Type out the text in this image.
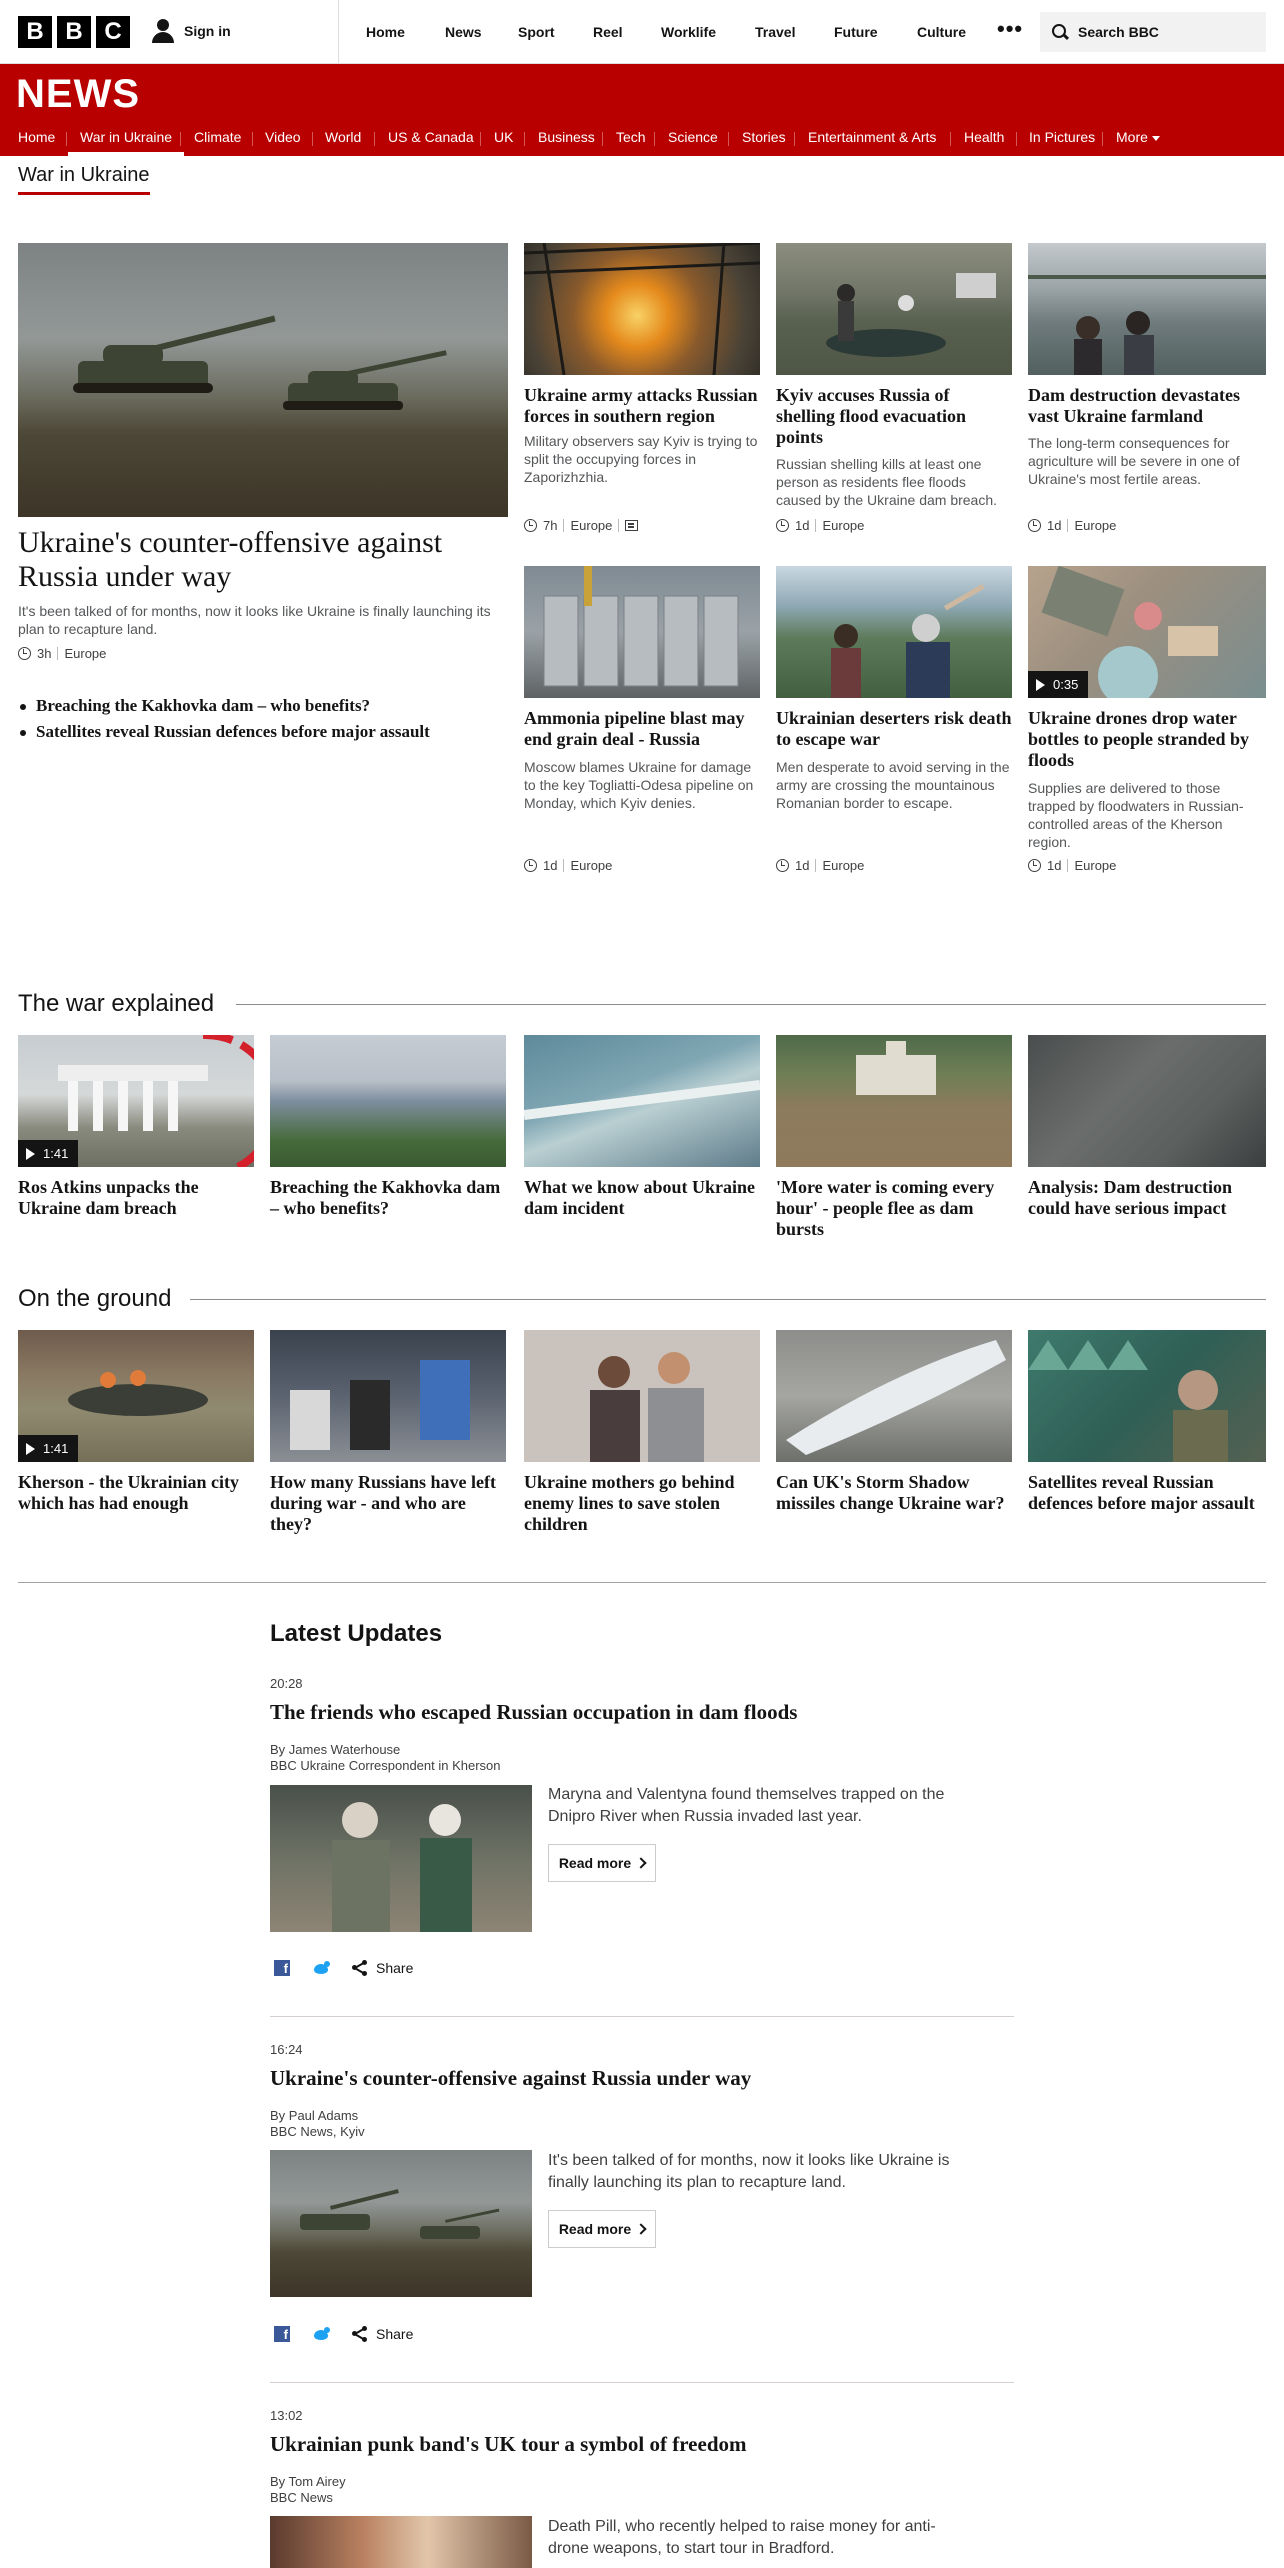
B B C	Sign in	Home	News	Sport	Reel	Worklife	Travel	Future	Culture •••	Search BBC
NEWS
Home War in Ukraine Climate Video World US & Canada UK Business Tech Science Stories Entertainment & Arts Health In Pictures More
War in Ukraine
Ukraine's counter-offensive against Russia under way
It's been talked of for months, now it looks like Ukraine is finally launching its plan to recapture land.
3h Europe
Breaching the Kakhovka dam – who benefits?
Satellites reveal Russian defences before major assault
Ukraine army attacks Russian forces in southern region
Military observers say Kyiv is trying to split the occupying forces in Zaporizhzhia.
7h Europe
Kyiv accuses Russia of shelling flood evacuation points
Russian shelling kills at least one person as residents flee floods caused by the Ukraine dam breach.
1d Europe
Dam destruction devastates vast Ukraine farmland
The long-term consequences for agriculture will be severe in one of Ukraine's most fertile areas.
1d Europe
Ammonia pipeline blast may end grain deal - Russia
Moscow blames Ukraine for damage to the key Togliatti-Odesa pipeline on Monday, which Kyiv denies.
1d Europe
Ukrainian deserters risk death to escape war
Men desperate to avoid serving in the army are crossing the mountainous Romanian border to escape.
1d Europe
0:35
Ukraine drones drop water bottles to people stranded by floods
Supplies are delivered to those trapped by floodwaters in Russian-controlled areas of the Kherson region.
1d Europe
The war explained
1:41
Ros Atkins unpacks the Ukraine dam breach
Breaching the Kakhovka dam – who benefits?
What we know about Ukraine dam incident
'More water is coming every hour' - people flee as dam bursts
Analysis: Dam destruction could have serious impact
On the ground
1:41
Kherson - the Ukrainian city which has had enough
How many Russians have left during war - and who are they?
Ukraine mothers go behind enemy lines to save stolen children
Can UK's Storm Shadow missiles change Ukraine war?
Satellites reveal Russian defences before major assault
Latest Updates
20:28
The friends who escaped Russian occupation in dam floods
By James Waterhouse
BBC Ukraine Correspondent in Kherson
Maryna and Valentyna found themselves trapped on the Dnipro River when Russia invaded last year.
Read more
f	Share
16:24
Ukraine's counter-offensive against Russia under way
By Paul Adams
BBC News, Kyiv
It's been talked of for months, now it looks like Ukraine is finally launching its plan to recapture land.
Read more
f	Share
13:02
Ukrainian punk band's UK tour a symbol of freedom
By Tom Airey
BBC News
Death Pill, who recently helped to raise money for anti-drone weapons, to start tour in Bradford.
